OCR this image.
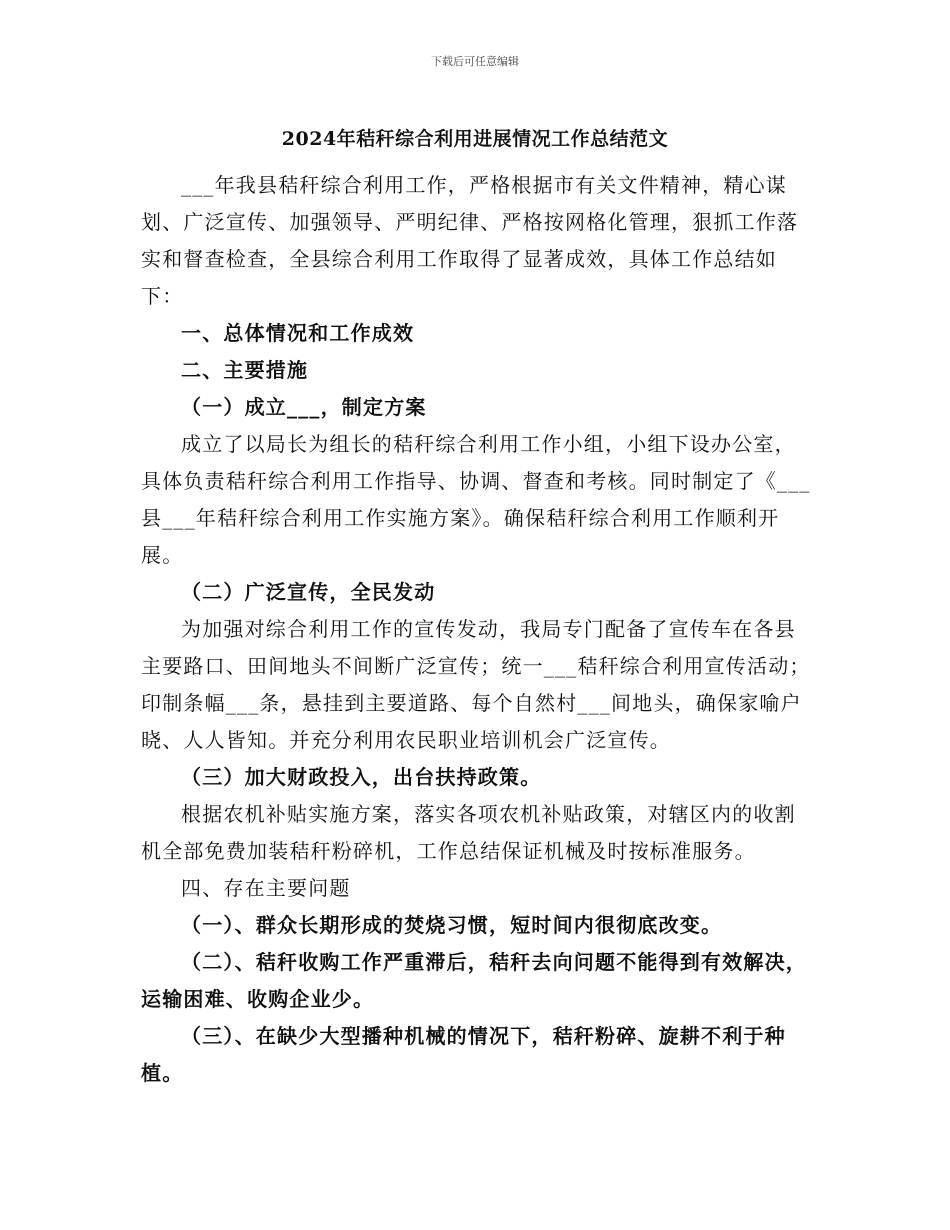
下载后可任意编辑
2024年秸秆综合利用进展情况工作总结范文

___年我县秸秆综合利用工作，严格根据市有关文件精神，精心谋划、广泛宣传、加强领导、严明纪律、严格按网格化管理，狠抓工作落实和督查检查，全县综合利用工作取得了显著成效，具体工作总结如下：

一、总体情况和工作成效

二、主要措施

（一）成立___，制定方案

成立了以局长为组长的秸秆综合利用工作小组，小组下设办公室，具体负责秸秆综合利用工作指导、协调、督查和考核。同时制定了《___县___年秸秆综合利用工作实施方案》。确保秸秆综合利用工作顺利开展。

（二）广泛宣传，全民发动

为加强对综合利用工作的宣传发动，我局专门配备了宣传车在各县主要路口、田间地头不间断广泛宣传；统一___秸秆综合利用宣传活动；印制条幅___条，悬挂到主要道路、每个自然村___间地头，确保家喻户晓、人人皆知。并充分利用农民职业培训机会广泛宣传。

（三）加大财政投入，出台扶持政策。

根据农机补贴实施方案，落实各项农机补贴政策，对辖区内的收割机全部免费加装秸秆粉碎机，工作总结保证机械及时按标准服务。

四、存在主要问题

（一）、群众长期形成的焚烧习惯，短时间内很彻底改变。

（二）、秸秆收购工作严重滞后，秸秆去向问题不能得到有效解决，运输困难、收购企业少。

（三）、在缺少大型播种机械的情况下，秸秆粉碎、旋耕不利于种植。
